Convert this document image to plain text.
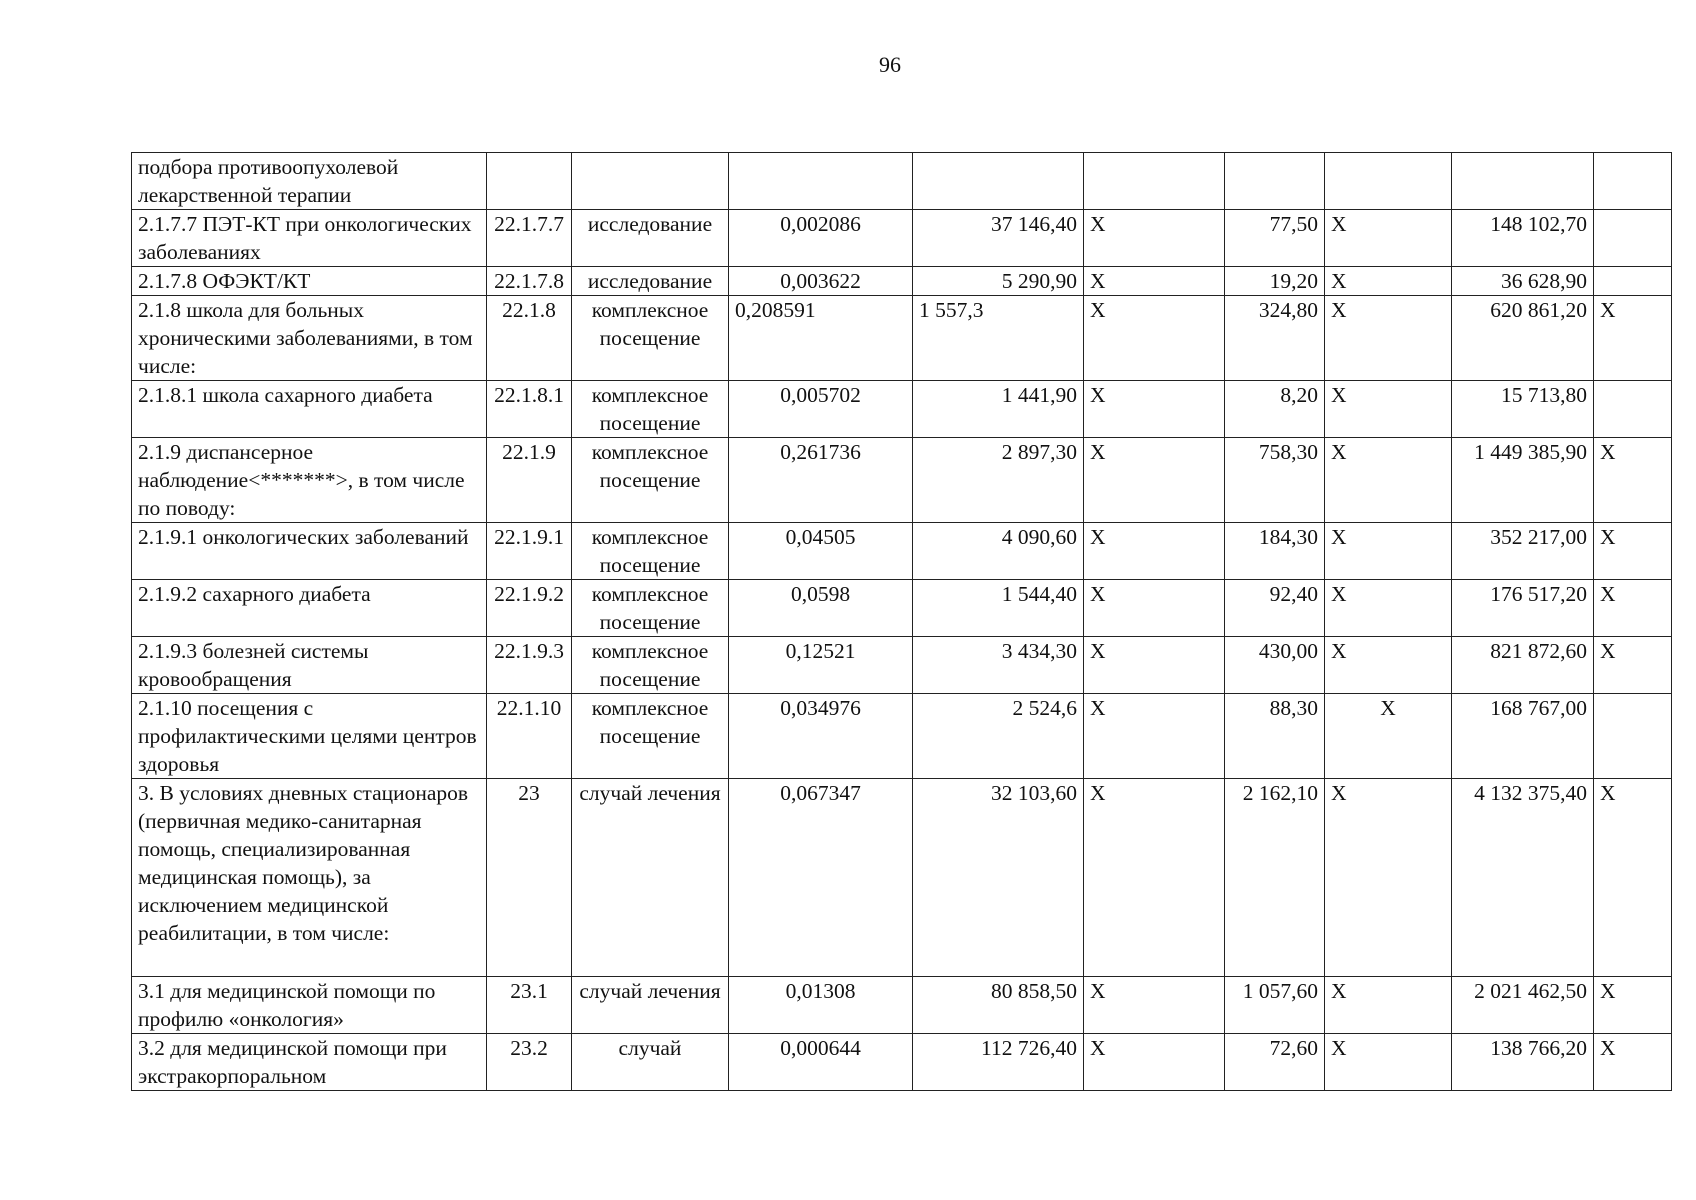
96
подбора противоопухолевой лекарственной терапии									
2.1.7.7 ПЭТ-КТ при онкологических заболеваниях	22.1.7.7	исследование	0,002086	37 146,40	Х	77,50	Х	148 102,70	
2.1.7.8 ОФЭКТ/КТ	22.1.7.8	исследование	0,003622	5 290,90	Х	19,20	Х	36 628,90	
2.1.8 школа для больных хроническими заболеваниями, в том числе:	22.1.8	комплексное посещение	0,208591	1 557,3	Х	324,80	Х	620 861,20	Х
2.1.8.1 школа сахарного диабета	22.1.8.1	комплексное посещение	0,005702	1 441,90	Х	8,20	Х	15 713,80	
2.1.9 диспансерное наблюдение<*******>, в том числе по поводу:	22.1.9	комплексное посещение	0,261736	2 897,30	Х	758,30	Х	1 449 385,90	Х
2.1.9.1 онкологических заболеваний	22.1.9.1	комплексное посещение	0,04505	4 090,60	Х	184,30	Х	352 217,00	Х
2.1.9.2 сахарного диабета	22.1.9.2	комплексное посещение	0,0598	1 544,40	Х	92,40	Х	176 517,20	Х
2.1.9.3 болезней системы кровообращения	22.1.9.3	комплексное посещение	0,12521	3 434,30	Х	430,00	Х	821 872,60	Х
2.1.10 посещения с профилактическими целями центров здоровья	22.1.10	комплексное посещение	0,034976	2 524,6	Х	88,30	Х	168 767,00	
3. В условиях дневных стационаров (первичная медико-санитарная помощь, специализированная медицинская помощь), за исключением медицинской реабилитации, в том числе:	23	случай лечения	0,067347	32 103,60	Х	2 162,10	Х	4 132 375,40	Х
3.1 для медицинской помощи по профилю «онкология»	23.1	случай лечения	0,01308	80 858,50	Х	1 057,60	Х	2 021 462,50	Х
3.2 для медицинской помощи при экстракорпоральном	23.2	случай	0,000644	112 726,40	Х	72,60	Х	138 766,20	Х
